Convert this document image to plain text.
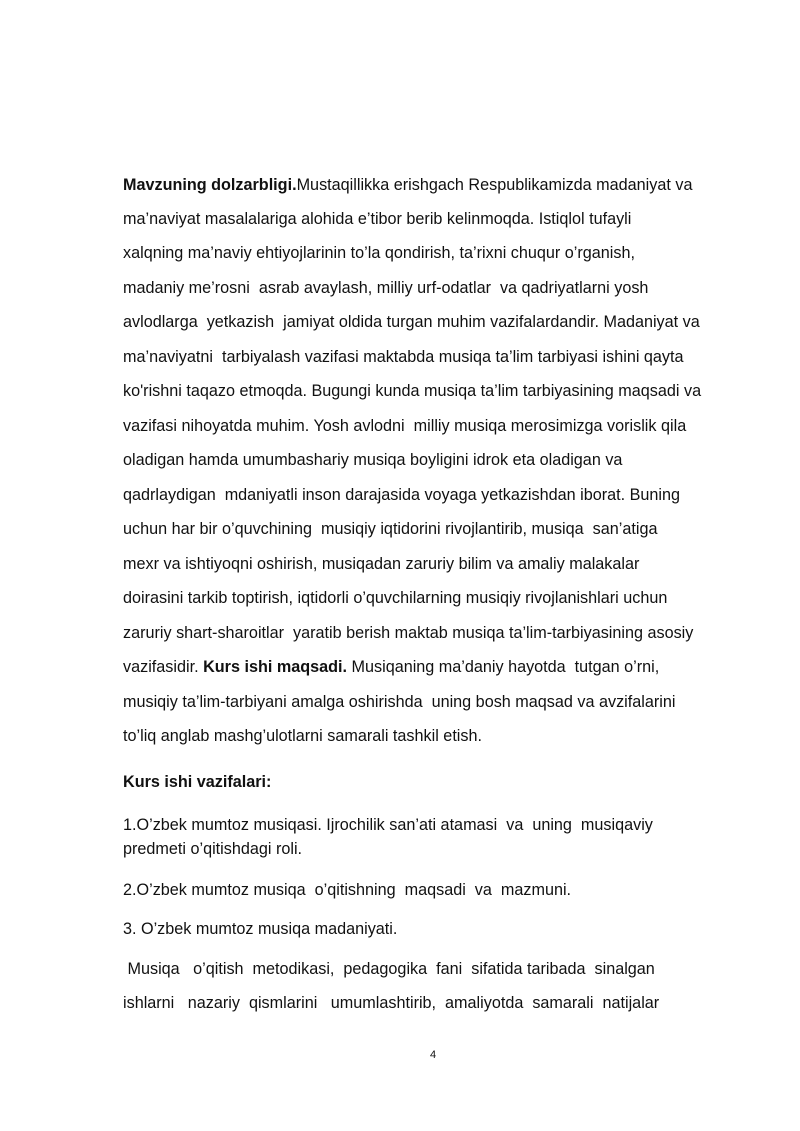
Mavzuning dolzarbligi.Mustaqillikka erishgach Respublikamizda madaniyat va
ma’naviyat masalalariga alohida e’tibor berib kelinmoqda. Istiqlol tufayli
xalqning ma’naviy ehtiyojlarinin to’la qondirish, ta’rixni chuqur o’rganish,
madaniy me’rosni  asrab avaylash, milliy urf-odatlar  va qadriyatlarni yosh
avlodlarga  yetkazish  jamiyat oldida turgan muhim vazifalardandir. Madaniyat va
ma’naviyatni  tarbiyalash vazifasi maktabda musiqa ta’lim tarbiyasi ishini qayta
ko'rishni taqazo etmoqda. Bugungi kunda musiqa ta’lim tarbiyasining maqsadi va
vazifasi nihoyatda muhim. Yosh avlodni  milliy musiqa merosimizga vorislik qila
oladigan hamda umumbashariy musiqa boyligini idrok eta oladigan va
qadrlaydigan  mdaniyatli inson darajasida voyaga yetkazishdan iborat. Buning
uchun har bir o’quvchining  musiqiy iqtidorini rivojlantirib, musiqa  san’atiga
mexr va ishtiyoqni oshirish, musiqadan zaruriy bilim va amaliy malakalar
doirasini tarkib toptirish, iqtidorli o’quvchilarning musiqiy rivojlanishlari uchun
zaruriy shart-sharoitlar  yaratib berish maktab musiqa ta’lim-tarbiyasining asosiy
vazifasidir. Kurs ishi maqsadi. Musiqaning ma’daniy hayotda  tutgan o’rni,
musiqiy ta’lim-tarbiyani amalga oshirishda  uning bosh maqsad va avzifalarini
to’liq anglab mashg’ulotlarni samarali tashkil etish.
Kurs ishi vazifalari:
1.O’zbek mumtoz musiqasi. Ijrochilik san’ati atamasi  va  uning  musiqaviy
predmeti o’qitishdagi roli.
2.O’zbek mumtoz musiqa  o’qitishning  maqsadi  va  mazmuni.
3. O’zbek mumtoz musiqa madaniyati.
Musiqa   o’qitish  metodikasi,  pedagogika  fani  sifatida taribada  sinalgan
ishlarni   nazariy  qismlarini   umumlashtirib,  amaliyotda  samarali  natijalar
4
